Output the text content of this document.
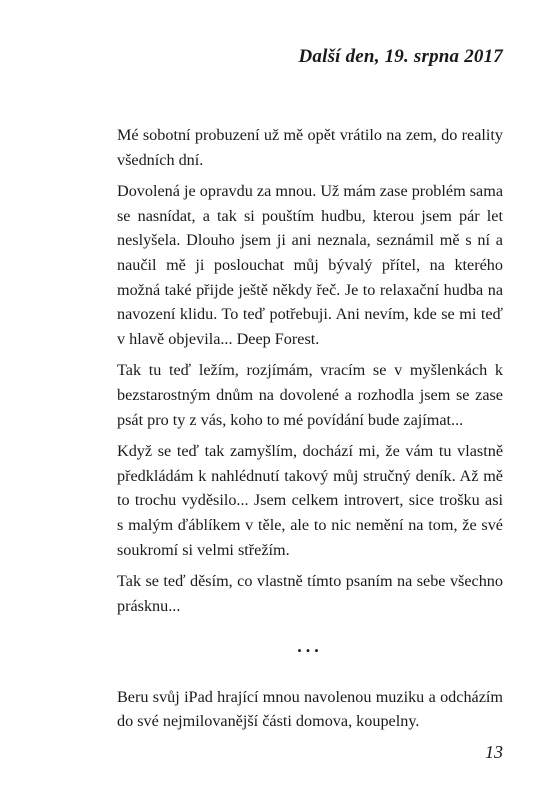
Další den, 19. srpna 2017

Mé sobotní probuzení už mě opět vrátilo na zem, do reality všedních dní.

Dovolená je opravdu za mnou. Už mám zase problém sama se nasnídat, a tak si pouštím hudbu, kterou jsem pár let neslyšela. Dlouho jsem ji ani neznala, seznámil mě s ní a naučil mě ji poslouchat můj bývalý přítel, na kterého možná také přijde ještě někdy řeč. Je to relaxační hudba na navození klidu. To teď potřebuji. Ani nevím, kde se mi teď v hlavě objevila... Deep Forest.

Tak tu teď ležím, rozjímám, vracím se v myšlenkách k bezstarostným dnům na dovolené a rozhodla jsem se zase psát pro ty z vás, koho to mé povídání bude zajímat...

Když se teď tak zamyšlím, dochází mi, že vám tu vlastně předkládám k nahlédnutí takový můj stručný deník. Až mě to trochu vyděsilo... Jsem celkem introvert, sice trošku asi s malým ďáblíkem v těle, ale to nic nemění na tom, že své soukromí si velmi střežím.

Tak se teď děsím, co vlastně tímto psaním na sebe všechno prásknu...

...

Beru svůj iPad hrající mnou navolenou muziku a odcházím do své nejmilovanější části domova, koupelny.

13
